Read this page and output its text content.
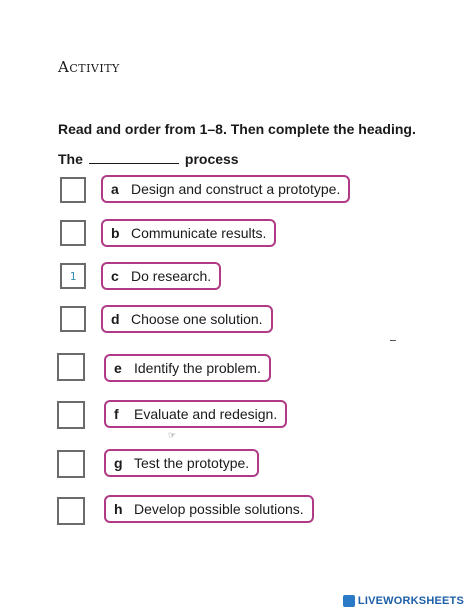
Activity
Read and order from 1–8. Then complete the heading.
The	process
a Design and construct a prototype.
b Communicate results.
1	c Do research.
d Choose one solution.
e Identify the problem.
f	Evaluate and redesign.
☞
g Test the prototype.
h Develop possible solutions.
LIVEWORKSHEETS
